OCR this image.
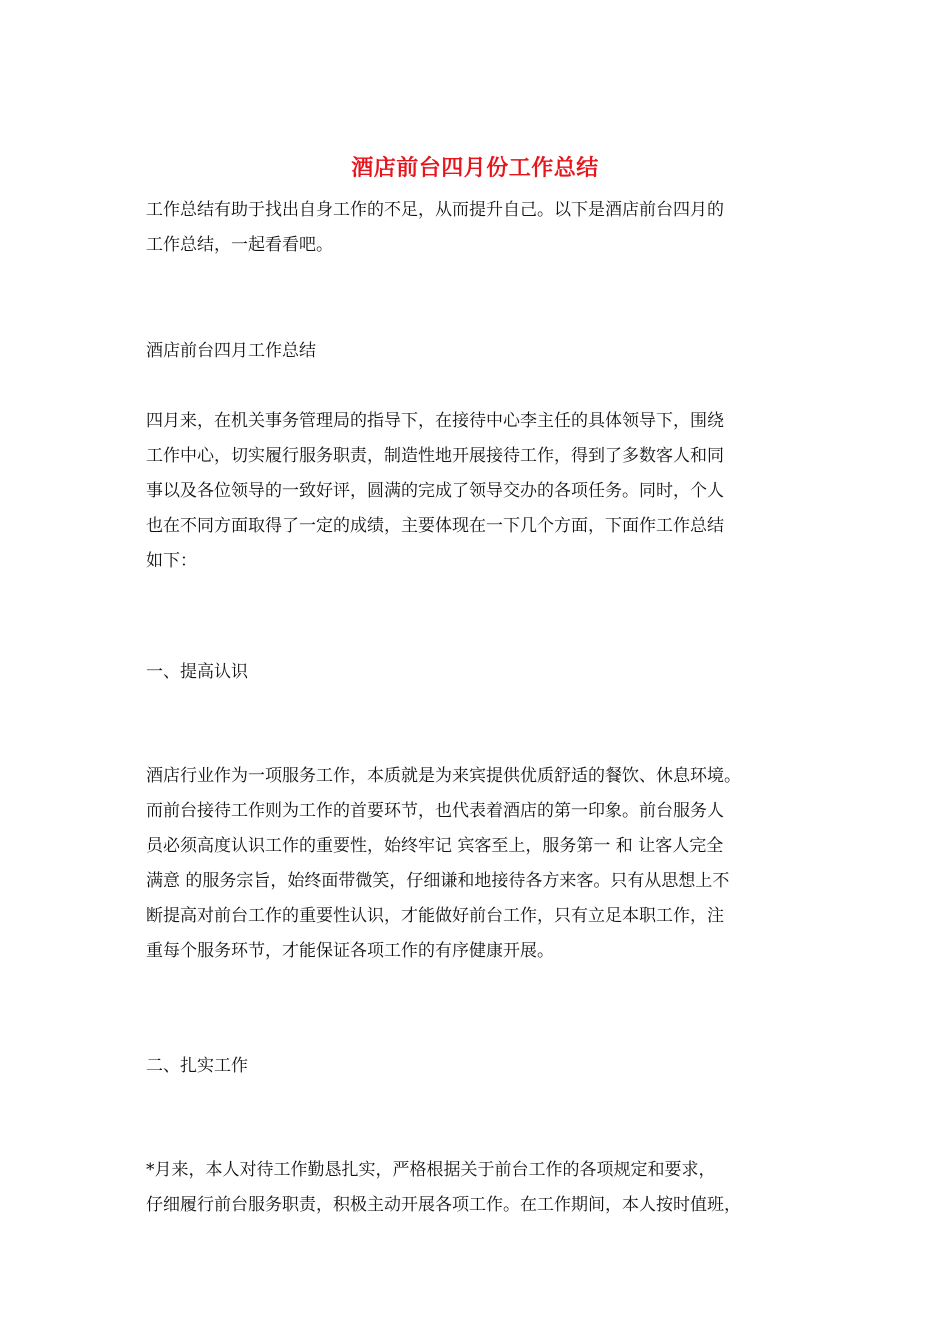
酒店前台四月份工作总结
工作总结有助于找出自身工作的不足，从而提升自己。以下是酒店前台四月的
工作总结，一起看看吧。
酒店前台四月工作总结
四月来，在机关事务管理局的指导下，在接待中心李主任的具体领导下，围绕
工作中心，切实履行服务职责，制造性地开展接待工作，得到了多数客人和同
事以及各位领导的一致好评，圆满的完成了领导交办的各项任务。同时，个人
也在不同方面取得了一定的成绩，主要体现在一下几个方面，下面作工作总结
如下：
一、提高认识
酒店行业作为一项服务工作，本质就是为来宾提供优质舒适的餐饮、休息环境。
而前台接待工作则为工作的首要环节，也代表着酒店的第一印象。前台服务人
员必须高度认识工作的重要性，始终牢记 宾客至上，服务第一 和 让客人完全
满意 的服务宗旨，始终面带微笑，仔细谦和地接待各方来客。只有从思想上不
断提高对前台工作的重要性认识，才能做好前台工作，只有立足本职工作，注
重每个服务环节，才能保证各项工作的有序健康开展。
二、扎实工作
*月来，本人对待工作勤恳扎实，严格根据关于前台工作的各项规定和要求，
仔细履行前台服务职责，积极主动开展各项工作。在工作期间，本人按时值班，
